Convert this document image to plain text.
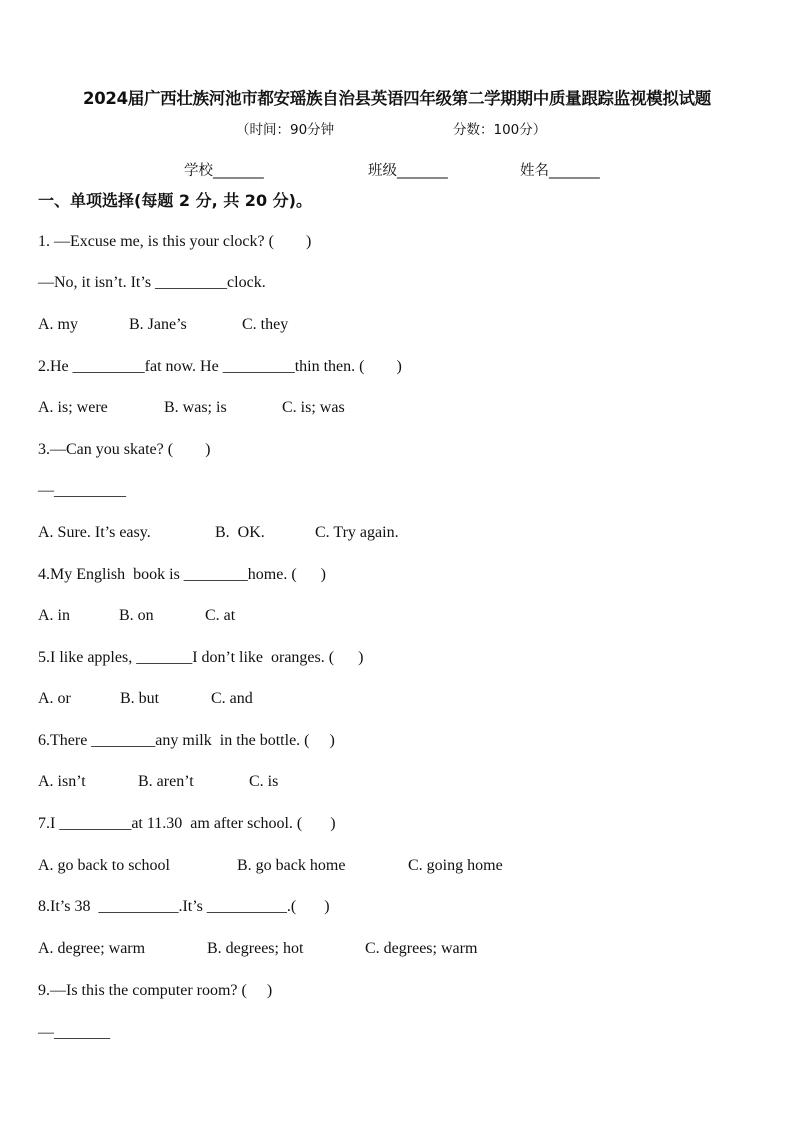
2024届广西壮族河池市都安瑶族自治县英语四年级第二学期期中质量跟踪监视模拟试题
（时间：90分钟	分数：100分）
学校_______	班级_______	姓名_______
一、单项选择(每题 2 分, 共 20 分)。
1. —Excuse me, is this your clock? (        )
—No, it isn’t. It’s _________clock.
A. my	B. Jane’s	C. they
2.He _________fat now. He _________thin then. (        )
A. is; were	B. was; is	C. is; was
3.—Can you skate? (        )
—_________
A. Sure. It’s easy.	B.  OK.	C. Try again.
4.My English  book is ________home. (      )
A. in	B. on	C. at
5.I like apples, _______I don’t like  oranges. (      )
A. or	B. but	C. and
6.There ________any milk  in the bottle. (     )
A. isn’t	B. aren’t	C. is
7.I _________at 11.30  am after school. (       )
A. go back to school	B. go back home	C. going home
8.It’s 38  __________.It’s __________.(       )
A. degree; warm	B. degrees; hot	C. degrees; warm
9.—Is this the computer room? (     )
—_______
